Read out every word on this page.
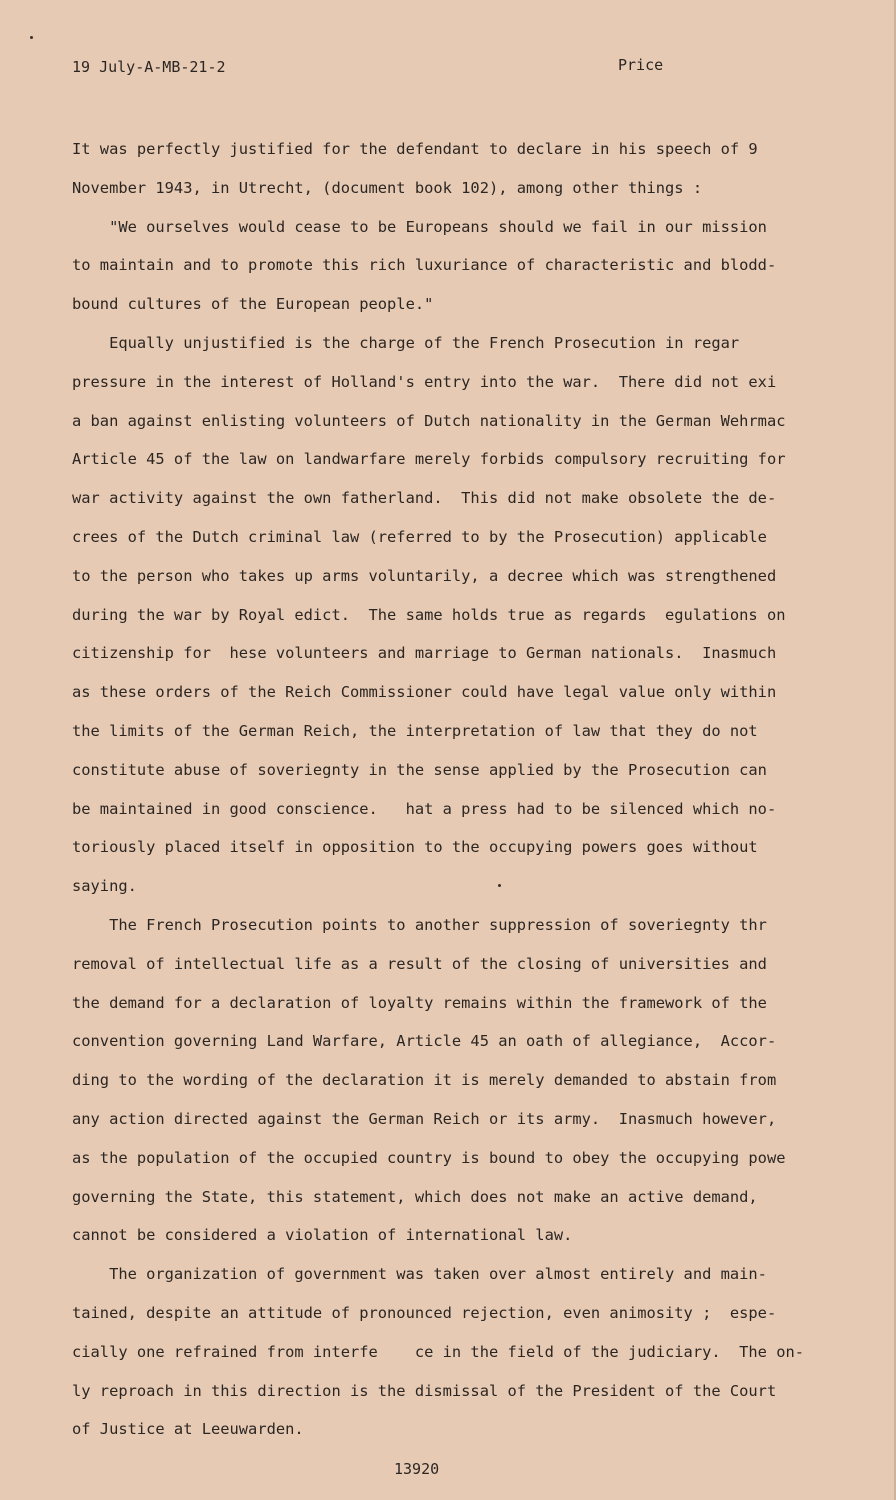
19 July-A-MB-21-2	Price
It was perfectly justified for the defendant to declare in his speech of 9
November 1943, in Utrecht, (document book 102), among other things :
"We ourselves would cease to be Europeans should we fail in our mission
to maintain and to promote this rich luxuriance of characteristic and blodd-
bound cultures of the European people."
Equally unjustified is the charge of the French Prosecution in regar
pressure in the interest of Holland's entry into the war.  There did not exi
a ban against enlisting volunteers of Dutch nationality in the German Wehrmac
Article 45 of the law on landwarfare merely forbids compulsory recruiting for
war activity against the own fatherland.  This did not make obsolete the de-
crees of the Dutch criminal law (referred to by the Prosecution) applicable
to the person who takes up arms voluntarily, a decree which was strengthened
during the war by Royal edict.  The same holds true as regards  egulations on
citizenship for  hese volunteers and marriage to German nationals.  Inasmuch
as these orders of the Reich Commissioner could have legal value only within
the limits of the German Reich, the interpretation of law that they do not
constitute abuse of soveriegnty in the sense applied by the Prosecution can
be maintained in good conscience.   hat a press had to be silenced which no-
toriously placed itself in opposition to the occupying powers goes without
saying.
The French Prosecution points to another suppression of soveriegnty thr
removal of intellectual life as a result of the closing of universities and
the demand for a declaration of loyalty remains within the framework of the
convention governing Land Warfare, Article 45 an oath of allegiance,  Accor-
ding to the wording of the declaration it is merely demanded to abstain from
any action directed against the German Reich or its army.  Inasmuch however,
as the population of the occupied country is bound to obey the occupying powe
governing the State, this statement, which does not make an active demand,
cannot be considered a violation of international law.
The organization of government was taken over almost entirely and main-
tained, despite an attitude of pronounced rejection, even animosity ;  espe-
cially one refrained from interfe    ce in the field of the judiciary.  The on-
ly reproach in this direction is the dismissal of the President of the Court
of Justice at Leeuwarden.
13920
